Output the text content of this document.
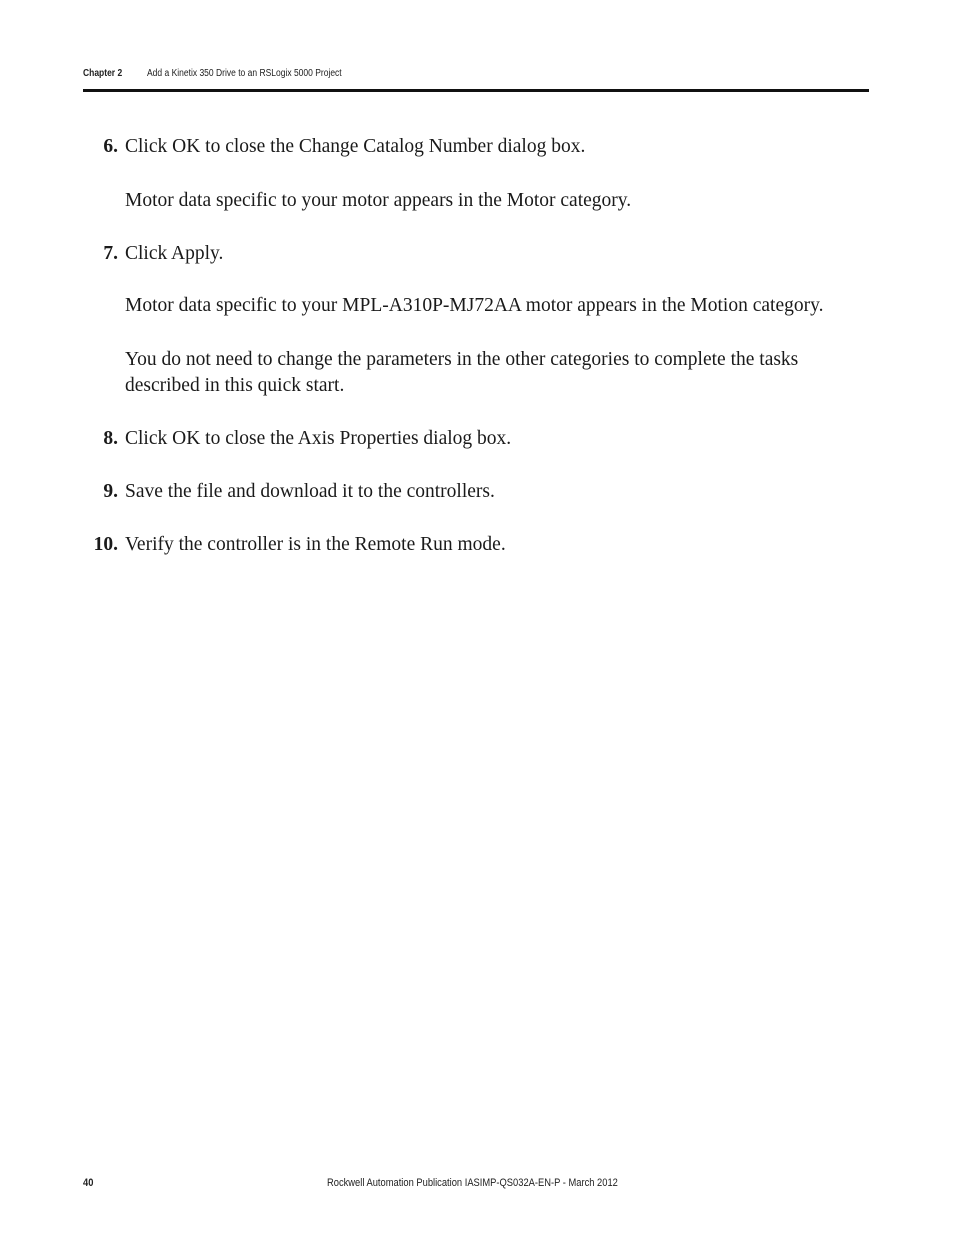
Chapter 2 Add a Kinetix 350 Drive to an RSLogix 5000 Project
6. Click OK to close the Change Catalog Number dialog box.
Motor data specific to your motor appears in the Motor category.
7. Click Apply.
Motor data specific to your MPL-A310P-MJ72AA motor appears in the Motion category.
You do not need to change the parameters in the other categories to complete the tasks described in this quick start.
8. Click OK to close the Axis Properties dialog box.
9. Save the file and download it to the controllers.
10. Verify the controller is in the Remote Run mode.
40	Rockwell Automation Publication IASIMP-QS032A-EN-P - March 2012
